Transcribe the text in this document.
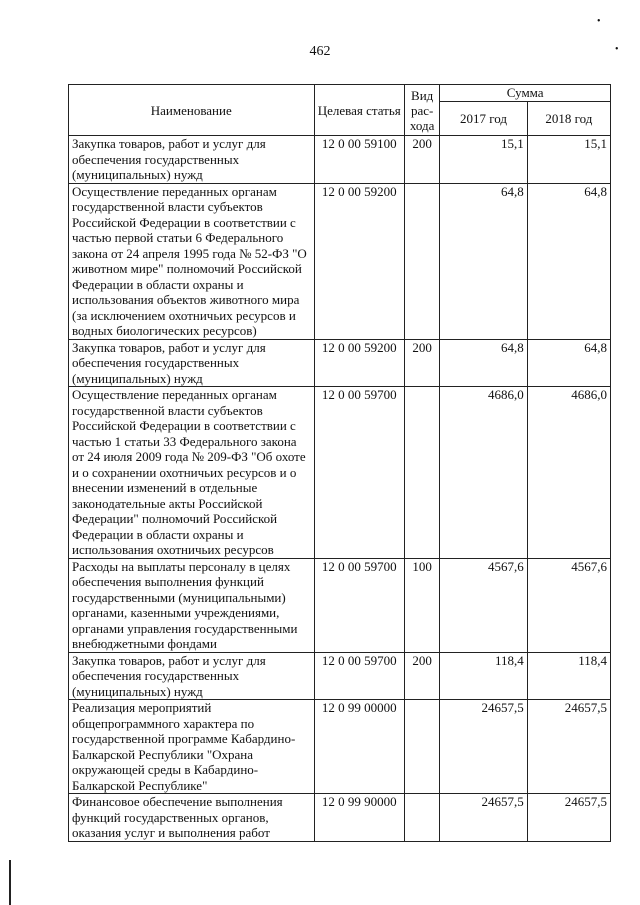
462
•
•
Наименование	Целевая статья	Вид рас-хода	Сумма	
			2017 год	2018 год
Закупка товаров, работ и услуг для обеспечения государственных (муниципальных) нужд	12 0 00 59100	200	15,1	15,1
Осуществление переданных органам государственной власти субъектов Российской Федерации в соответствии с частью первой статьи 6 Федерального закона от 24 апреля 1995 года № 52-ФЗ "О животном мире" полномочий Российской Федерации в области охраны и использования объектов животного мира (за исключением охотничьих ресурсов и водных биологических ресурсов)	12 0 00 59200		64,8	64,8
Закупка товаров, работ и услуг для обеспечения государственных (муниципальных) нужд	12 0 00 59200	200	64,8	64,8
Осуществление переданных органам государственной власти субъектов Российской Федерации в соответствии с частью 1 статьи 33 Федерального закона от 24 июля 2009 года № 209-ФЗ "Об охоте и о сохранении охотничьих ресурсов и о внесении изменений в отдельные законодательные акты Российской Федерации" полномочий Российской Федерации в области охраны и использования охотничьих ресурсов	12 0 00 59700		4686,0	4686,0
Расходы на выплаты персоналу в целях обеспечения выполнения функций государственными (муниципальными) органами, казенными учреждениями, органами управления государственными внебюджетными фондами	12 0 00 59700	100	4567,6	4567,6
Закупка товаров, работ и услуг для обеспечения государственных (муниципальных) нужд	12 0 00 59700	200	118,4	118,4
Реализация мероприятий общепрограммного характера по государственной программе Кабардино-Балкарской Республики "Охрана окружающей среды в Кабардино-Балкарской Республике"	12 0 99 00000		24657,5	24657,5
Финансовое обеспечение выполнения функций государственных органов, оказания услуг и выполнения работ	12 0 99 90000		24657,5	24657,5
